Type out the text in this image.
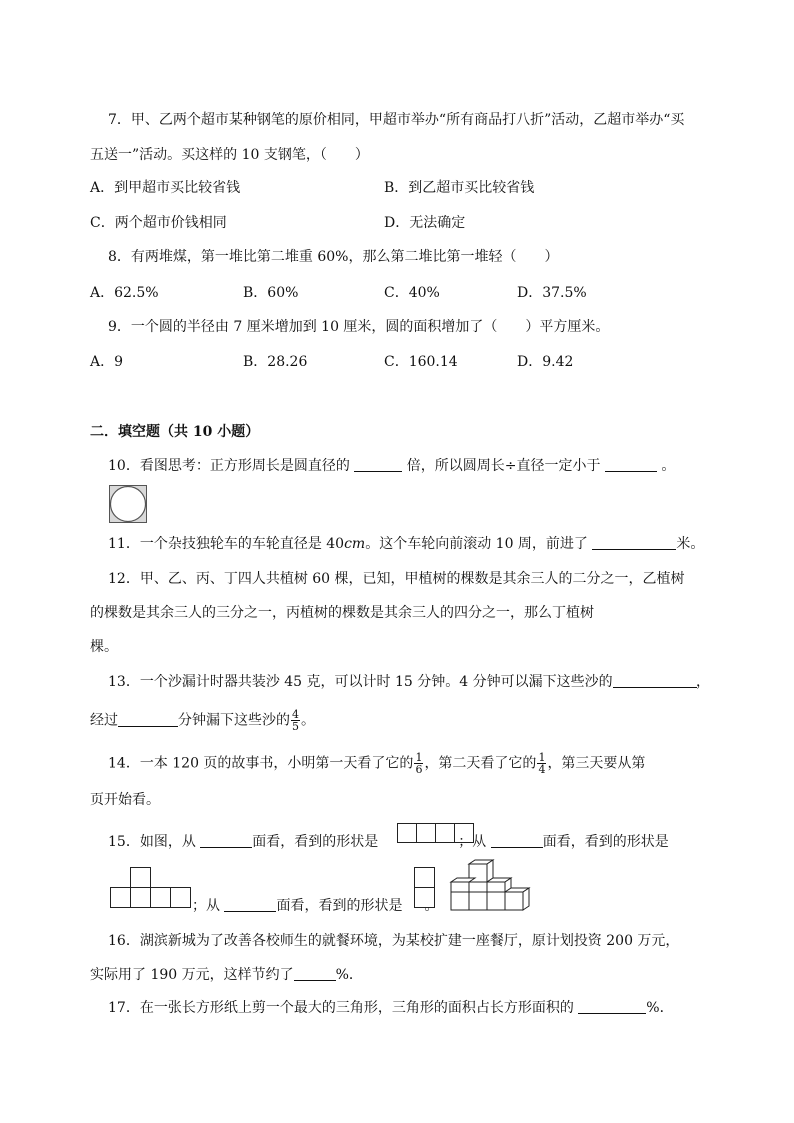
7．甲、乙两个超市某种钢笔的原价相同，甲超市举办“所有商品打八折”活动，乙超市举办“买
五送一”活动。买这样的 10 支钢笔，（　　）
A．到甲超市买比较省钱	B．到乙超市买比较省钱
C．两个超市价钱相同	D．无法确定
8．有两堆煤，第一堆比第二堆重 60%，那么第二堆比第一堆轻（　　）
A．62.5%	B．60%	C．40%	D．37.5%
9．一个圆的半径由 7 厘米增加到 10 厘米，圆的面积增加了（　　）平方厘米。
A．9	B．28.26	C．160.14	D．9.42
二．填空题（共 10 小题）
10．看图思考：正方形周长是圆直径的	倍，所以圆周长÷直径一定小于	。
11．一个杂技独轮车的车轮直径是 40cm。这个车轮向前滚动 10 周，前进了	米。
12．甲、乙、丙、丁四人共植树 60 棵，已知，甲植树的棵数是其余三人的二分之一，乙植树
的棵数是其余三人的三分之一，丙植树的棵数是其余三人的四分之一，那么丁植树
棵。
13．一个沙漏计时器共装沙 45 克，可以计时 15 分钟。4 分钟可以漏下这些沙的	，
经过	分钟漏下这些沙的 $\frac{4}{5}$ 。
14．一本 120 页的故事书，小明第一天看了它的 $\frac{1}{6}$ ，第二天看了它的 $\frac{1}{4}$ ，第三天要从第
页开始看。
15．如图，从	面看，看到的形状是	；从	面看，看到的形状是
；从	面看，看到的形状是 。
16．湖滨新城为了改善各校师生的就餐环境，为某校扩建一座餐厅，原计划投资 200 万元，
实际用了 190 万元，这样节约了	%．
17．在一张长方形纸上剪一个最大的三角形，三角形的面积占长方形面积的	%．
